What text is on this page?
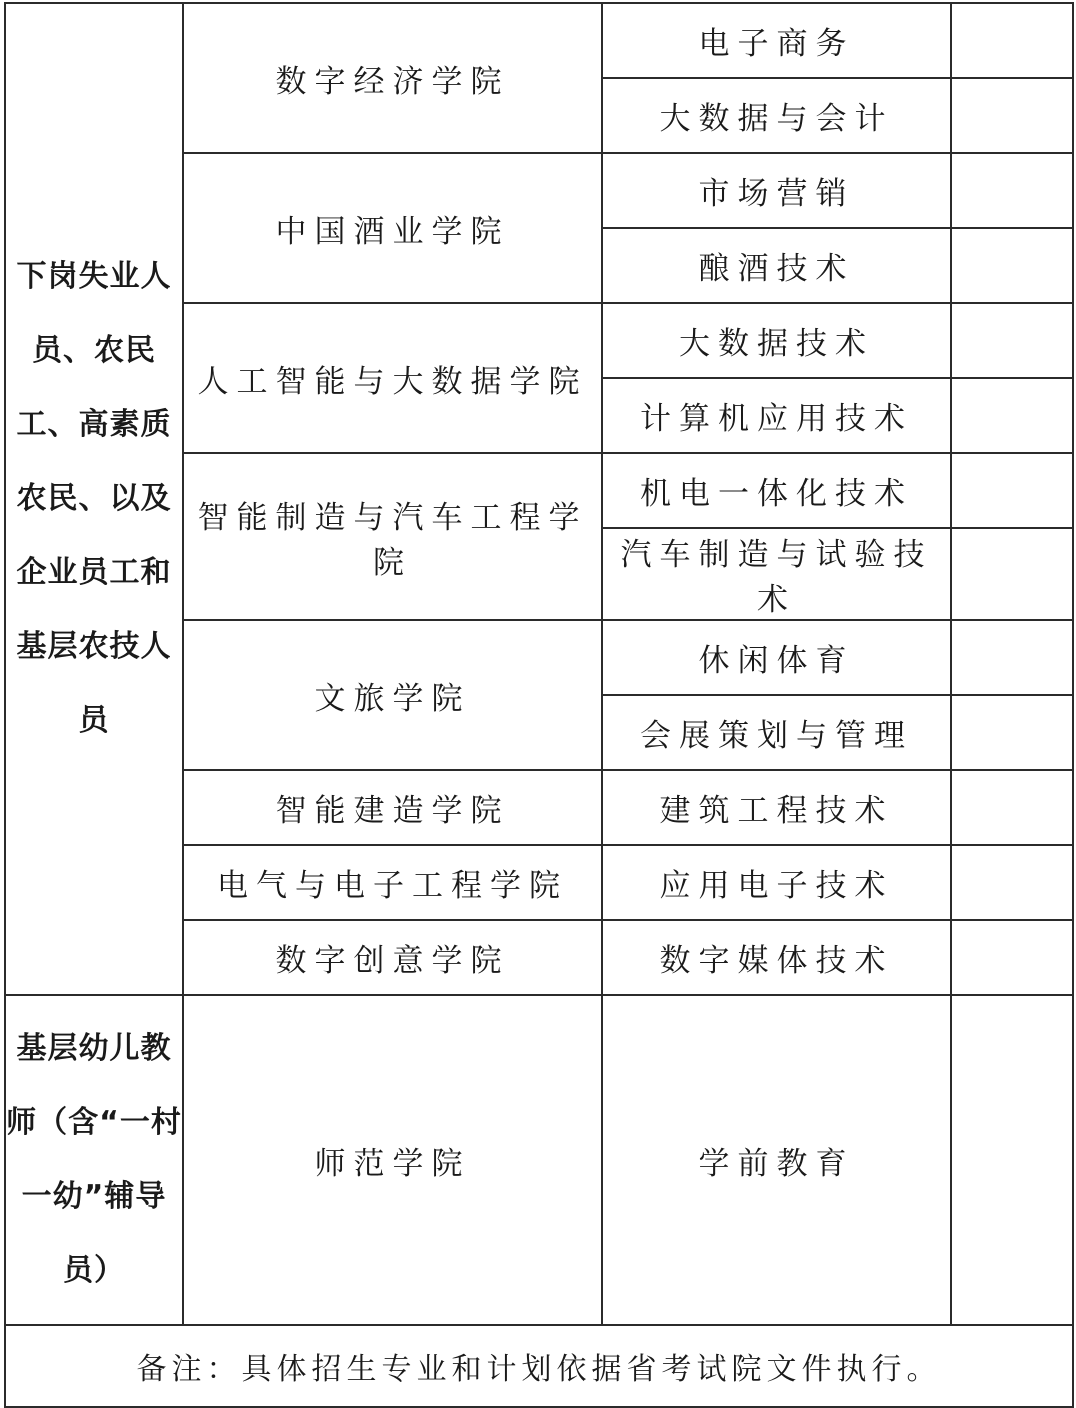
下岗失业人员、农民工、高素质农民、以及企业员工和基层农技人员	数字经济学院	电子商务	
		大数据与会计	
	中国酒业学院	市场营销	
		酿酒技术	
	人工智能与大数据学院	大数据技术	
		计算机应用技术	
	智能制造与汽车工程学院	机电一体化技术	
		汽车制造与试验技术	
	文旅学院	休闲体育	
		会展策划与管理	
	智能建造学院	建筑工程技术	
	电气与电子工程学院	应用电子技术	
	数字创意学院	数字媒体技术	
基层幼儿教师（含“一村一幼”辅导员）	师范学院	学前教育	
备注：具体招生专业和计划依据省考试院文件执行。			
